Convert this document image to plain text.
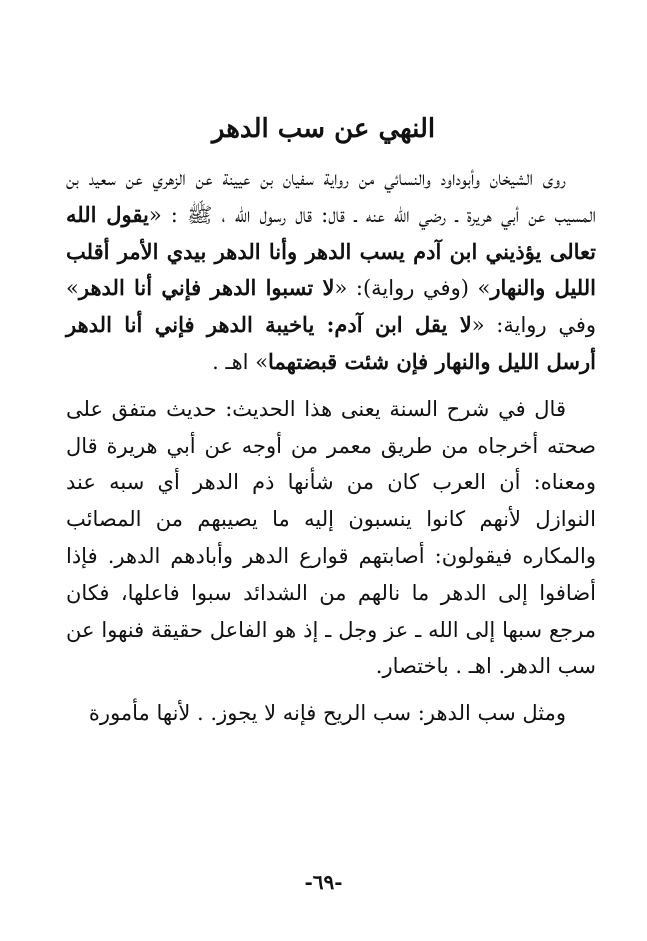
النهي عن سب الدهر

روى الشيخان وأبوداود والنسائي من رواية سفيان بن عيينة عن الزهري عن سعيد بن المسيب عن أبي هريرة ـ رضي الله عنه ـ قال: قال رسول الله ، ﷺ : «يقول الله تعالى يؤذيني ابن آدم يسب الدهر وأنا الدهر بيدي الأمر أقلب الليل والنهار» (وفي رواية): «لا تسبوا الدهر فإني أنا الدهر» وفي رواية: «لا يقل ابن آدم: ياخيبة الدهر فإني أنا الدهر أرسل الليل والنهار فإن شئت قبضتهما» اهـ .

قال في شرح السنة يعنى هذا الحديث: حديث متفق على صحته أخرجاه من طريق معمر من أوجه عن أبي هريرة قال ومعناه: أن العرب كان من شأنها ذم الدهر أي سبه عند النوازل لأنهم كانوا ينسبون إليه ما يصيبهم من المصائب والمكاره فيقولون: أصابتهم قوارع الدهر وأبادهم الدهر. فإذا أضافوا إلى الدهر ما نالهم من الشدائد سبوا فاعلها، فكان مرجع سبها إلى الله ـ عز وجل ـ إذ هو الفاعل حقيقة فنهوا عن سب الدهر. اهـ . باختصار.

ومثل سب الدهر: سب الريح فإنه لا يجوز. . لأنها مأمورة

-٦٩-
